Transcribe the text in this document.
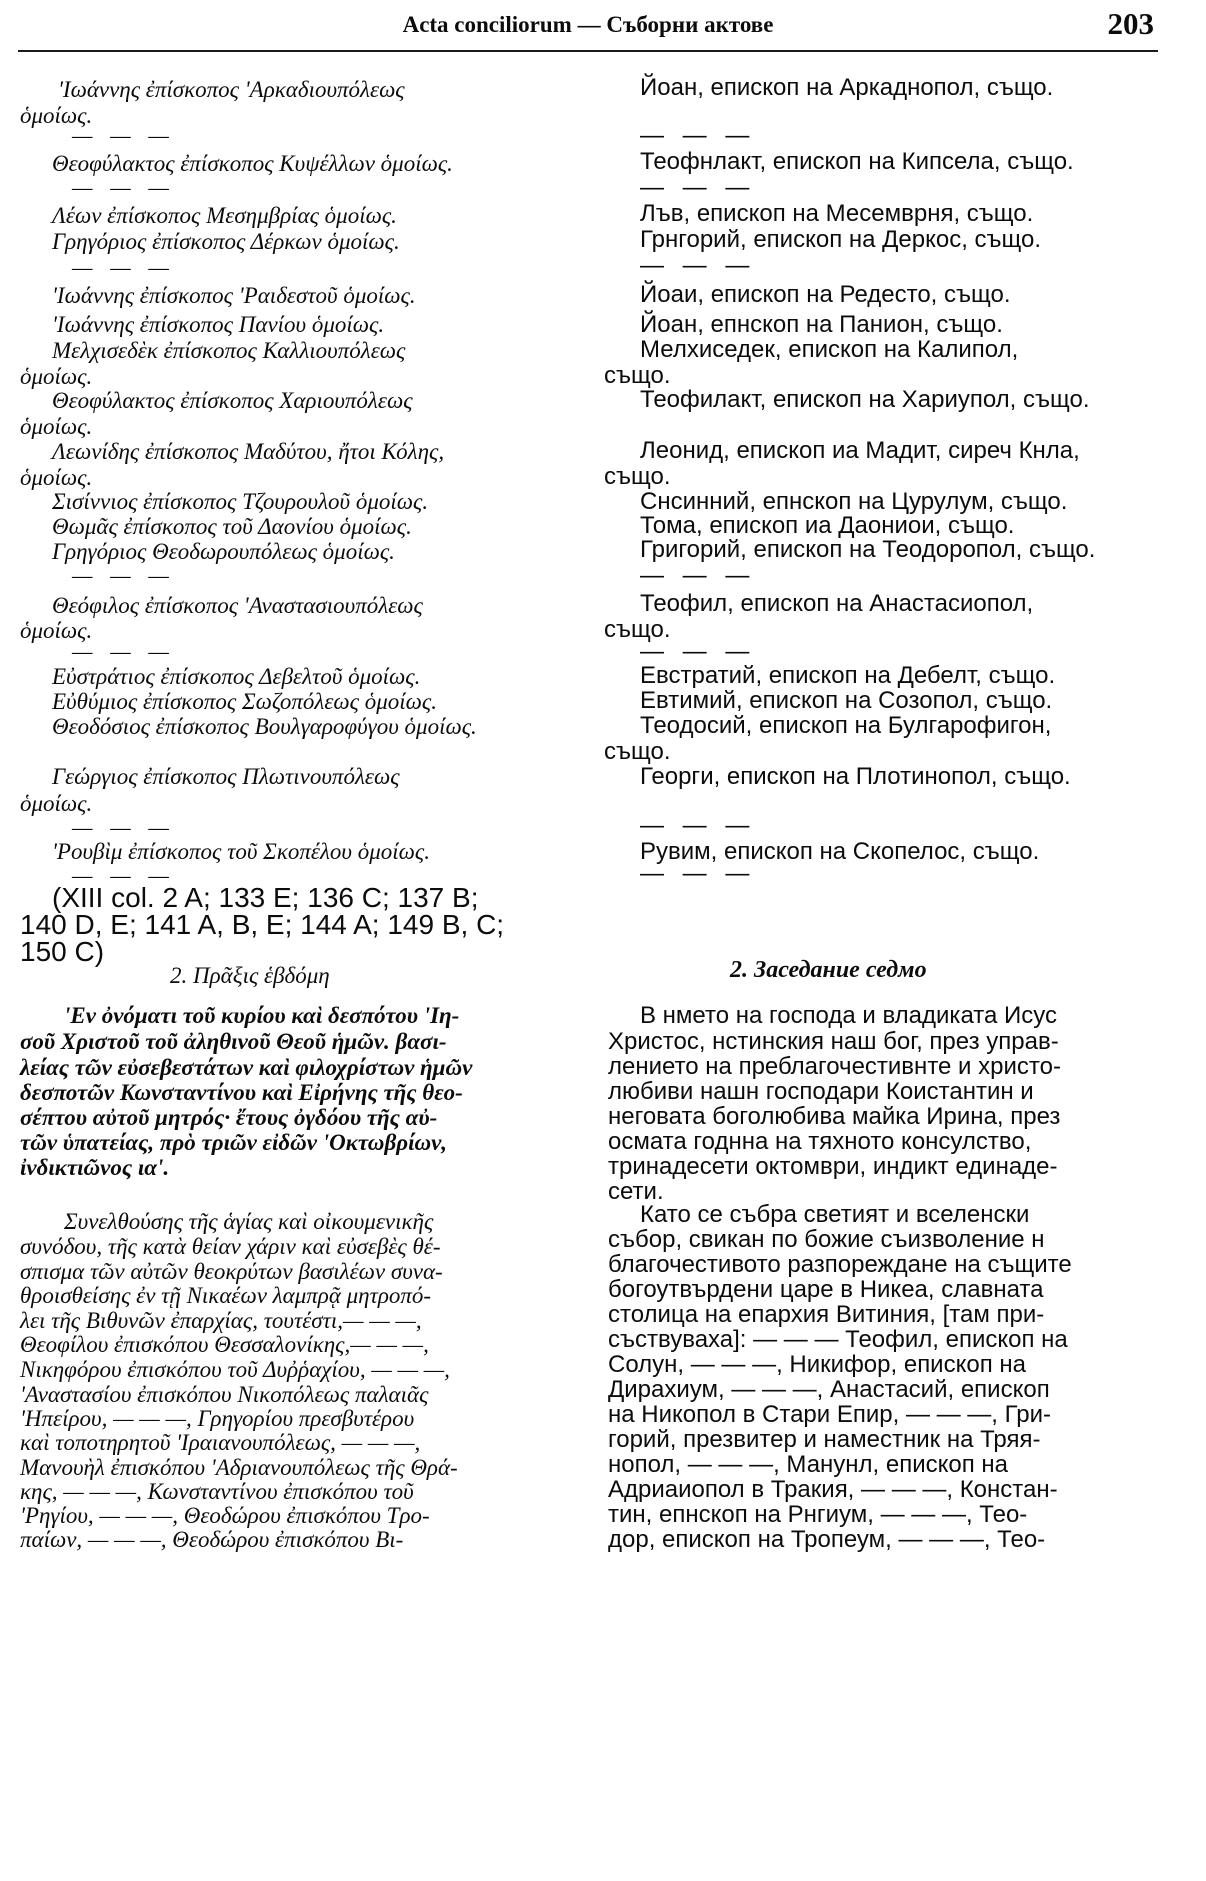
Acta conciliorum — Съборни актове	203
'Ιωάννης ἐπίσκοπος 'Αρκαδιουπόλεως
ὁμοίως.
— — —
Θεοφύλακτος ἐπίσκοπος Κυψέλλων ὁμοίως.
— — —
Λέων ἐπίσκοπος Μεσημβρίας ὁμοίως.
Γρηγόριος ἐπίσκοπος Δέρκων ὁμοίως.
— — —
'Ιωάννης ἐπίσκοπος 'Ραιδεστοῦ ὁμοίως.
'Ιωάννης ἐπίσκοπος Πανίου ὁμοίως.
Μελχισεδὲκ ἐπίσκοπος Καλλιουπόλεως
ὁμοίως.
Θεοφύλακτος ἐπίσκοπος Χαριουπόλεως
ὁμοίως.
Λεωνίδης ἐπίσκοπος Μαδύτου, ἤτοι Κόλης,
ὁμοίως.
Σισίννιος ἐπίσκοπος Τζουρουλοῦ ὁμοίως.
Θωμᾶς ἐπίσκοπος τοῦ Δαονίου ὁμοίως.
Γρηγόριος Θεοδωρουπόλεως ὁμοίως.
— — —
Θεόφιλος ἐπίσκοπος 'Αναστασιουπόλεως
ὁμοίως.
— — —
Εὐστράτιος ἐπίσκοπος Δεβελτοῦ ὁμοίως.
Εὐθύμιος ἐπίσκοπος Σωζοπόλεως ὁμοίως.
Θεοδόσιος ἐπίσκοπος Βουλγαροφύγου ὁμοίως.
Γεώργιος ἐπίσκοπος Πλωτινουπόλεως
ὁμοίως.
— — —
'Ρουβὶμ ἐπίσκοπος τοῦ Σκοπέλου ὁμοίως.
— — —
(XIII col. 2 A; 133 E; 136 C; 137 B;
140 D, E; 141 A, B, E; 144 A; 149 B, C;
150 C)
2. Πρᾶξις ἑβδόμη
'Εν ὀνόματι τοῦ κυρίου καὶ δεσπότου 'Ιη-
σοῦ Χριστοῦ τοῦ ἀληθινοῦ Θεοῦ ἡμῶν. βασι-
λείας τῶν εὐσεβεστάτων καὶ φιλοχρίστων ἡμῶν
δεσποτῶν Κωνσταντίνου καὶ Εἰρήνης τῆς θεο-
σέπτου αὐτοῦ μητρός· ἔτους ὀγδόου τῆς αὐ-
τῶν ὑπατείας, πρὸ τριῶν εἰδῶν 'Οκτωβρίων,
ἰνδικτιῶνος ια'.
Συνελθούσης τῆς ἁγίας καὶ οἰκουμενικῆς
συνόδου, τῆς κατὰ θείαν χάριν καὶ εὐσεβὲς θέ-
σπισμα τῶν αὐτῶν θεοκρύτων βασιλέων συνα-
θροισθείσης ἐν τῇ Νικαέων λαμπρᾷ μητροπό-
λει τῆς Βιθυνῶν ἐπαρχίας, τουτέστι,— — —,
Θεοφίλου ἐπισκόπου Θεσσαλονίκης,— — —,
Νικηφόρου ἐπισκόπου τοῦ Δυῤῥαχίου, — — —,
'Αναστασίου ἐπισκόπου Νικοπόλεως παλαιᾶς
'Ηπείρου, — — —, Γρηγορίου πρεσβυτέρου
καὶ τοποτηρητοῦ 'Ιραιανουπόλεως, — — —,
Μανουὴλ ἐπισκόπου 'Αδριανουπόλεως τῆς Θρά-
κης, — — —, Κωνσταντίνου ἐπισκόπου τοῦ
'Ρηγίου, — — —, Θεοδώρου ἐπισκόπου Τρο-
παίων, — — —, Θεοδώρου ἐπισκόπου Βι-
Йоан, епископ на Аркаднопол, също.
— — —
Теофнлакт, епископ на Кипсела, също.
— — —
Лъв, епископ на Месемврня, също.
Грнгорий, епископ на Деркос, също.
— — —
Йоаи, епископ на Редесто, също.
Йоан, епнскоп на Панион, също.
Мелхиседек, епископ на Калипол,
също.
Теофилакт, епископ на Хариупол, също.
Леонид, епископ иа Мадит, сиреч Кнла,
също.
Снсинний, епнскоп на Цурулум, също.
Тома, епископ иа Даониои, също.
Григорий, епископ на Теодоропол, също.
— — —
Теофил, епископ на Анастасиопол,
също.
— — —
Евстратий, епископ на Дебелт, също.
Евтимий, епископ на Созопол, също.
Теодосий, епископ на Булгарофигон,
също.
Георги, епископ на Плотинопол, също.
— — —
Рувим, епископ на Скопелос, също.
— — —
2. Заседание седмо
В нмето на господа и владиката Исус
Христос, нстинския наш бог, през управ-
лението на преблагочестивнте и христо-
любиви нашн господари Коистантин и
неговата боголюбива майка Ирина, през
осмата годнна на тяхното консулство,
тринадесети октомври, индикт единаде-
сети.
Като се събра светият и вселенски
събор, свикан по божие съизволение н
благочестивото разпорежданe на същите
богоутвърдени царе в Никеа, славната
столица на епархия Витиния, [там при-
съствуваха]: — — — Теофил, епископ на
Солун, — — —, Никифор, епископ на
Дирахиум, — — —, Анастасий, епископ
на Никопол в Стари Епир, — — —, Гри-
горий, презвитер и наместник на Тряя-
нопол, — — —, Манунл, епископ на
Адриаиопол в Тракия, — — —, Констан-
тин, епнскоп на Рнгиум, — — —, Тео-
дор, епископ на Тропеум, — — —, Тео-
